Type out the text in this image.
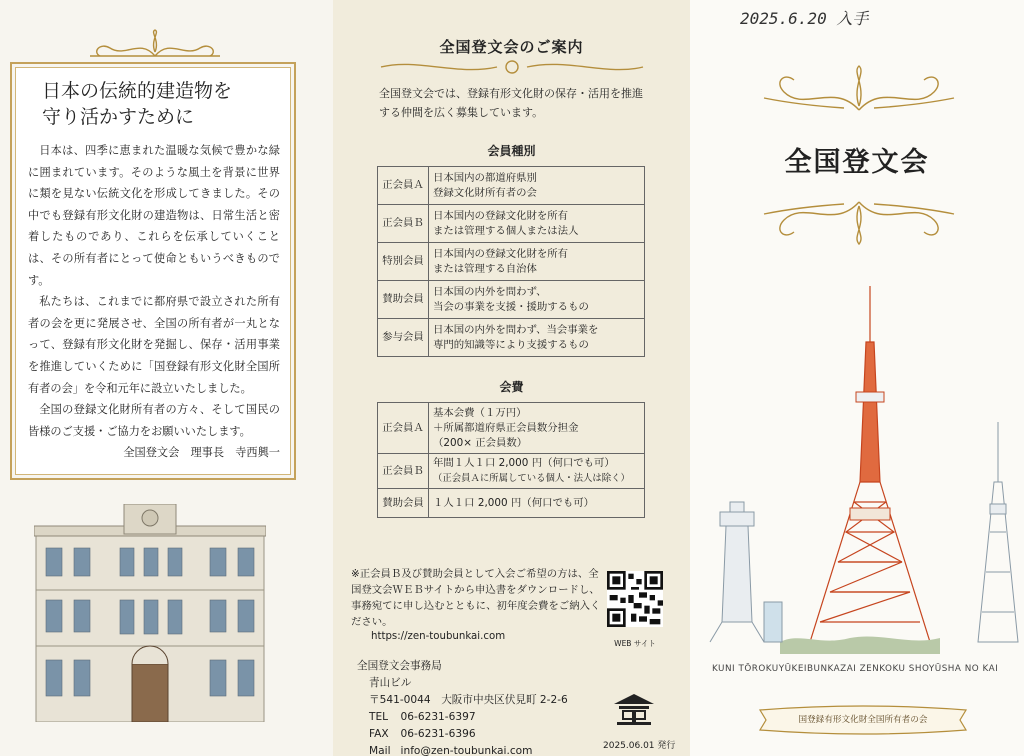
日本の伝統的建造物を
守り活かすために

日本は、四季に恵まれた温暖な気候で豊かな緑に囲まれています。そのような風土を背景に世界に類を見ない伝統文化を形成してきました。その中でも登録有形文化財の建造物は、日常生活と密着したものであり、これらを伝承していくことは、その所有者にとって使命ともいうべきものです。

私たちは、これまでに都府県で設立された所有者の会を更に発展させ、全国の所有者が一丸となって、登録有形文化財を発掘し、保存・活用事業を推進していくために「国登録有形文化財全国所有者の会」を令和元年に設立いたしました。

全国の登録文化財所有者の方々、そして国民の皆様のご支援・ご協力をお願いいたします。

全国登文会　理事長　寺西興一
全国登文会のご案内
全国登文会では、登録有形文化財の保存・活用を推進する仲間を広く募集しています。
会員種別
正会員Ａ	日本国内の都道府県別
登録文化財所有者の会

正会員Ｂ	日本国内の登録文化財を所有
または管理する個人または法人

特別会員	日本国内の登録文化財を所有
または管理する自治体

賛助会員	日本国の内外を問わず、
当会の事業を支援・援助するもの

参与会員	日本国の内外を問わず、当会事業を
専門的知識等により支援するもの
会費
正会員Ａ	基本会費（１万円）
＋所属都道府県正会員数分担金
（200× 正会員数）

正会員Ｂ	年間１人１口 2,000 円（何口でも可）
（正会員Ａに所属している個人・法人は除く）

賛助会員	１人１口 2,000 円（何口でも可）
※正会員Ｂ及び賛助会員として入会ご希望の方は、全国登文会ＷＥＢサイトから申込書をダウンロードし、事務宛てに申し込むとともに、初年度会費をご納入ください。
https://zen-toubunkai.com
WEB サイト
全国登文会事務局
青山ビル
〒541-0044　大阪市中央区伏見町 2-2-6
TEL	06-6231-6397
FAX	06-6231-6396
Mail	info@zen-toubunkai.com	2025.06.01 発行
2025.6.20 入手
全国登文会
KUNI TŌROKUYŪKEIBUNKAZAI ZENKOKU SHOYŪSHA NO KAI
国登録有形文化財全国所有者の会
